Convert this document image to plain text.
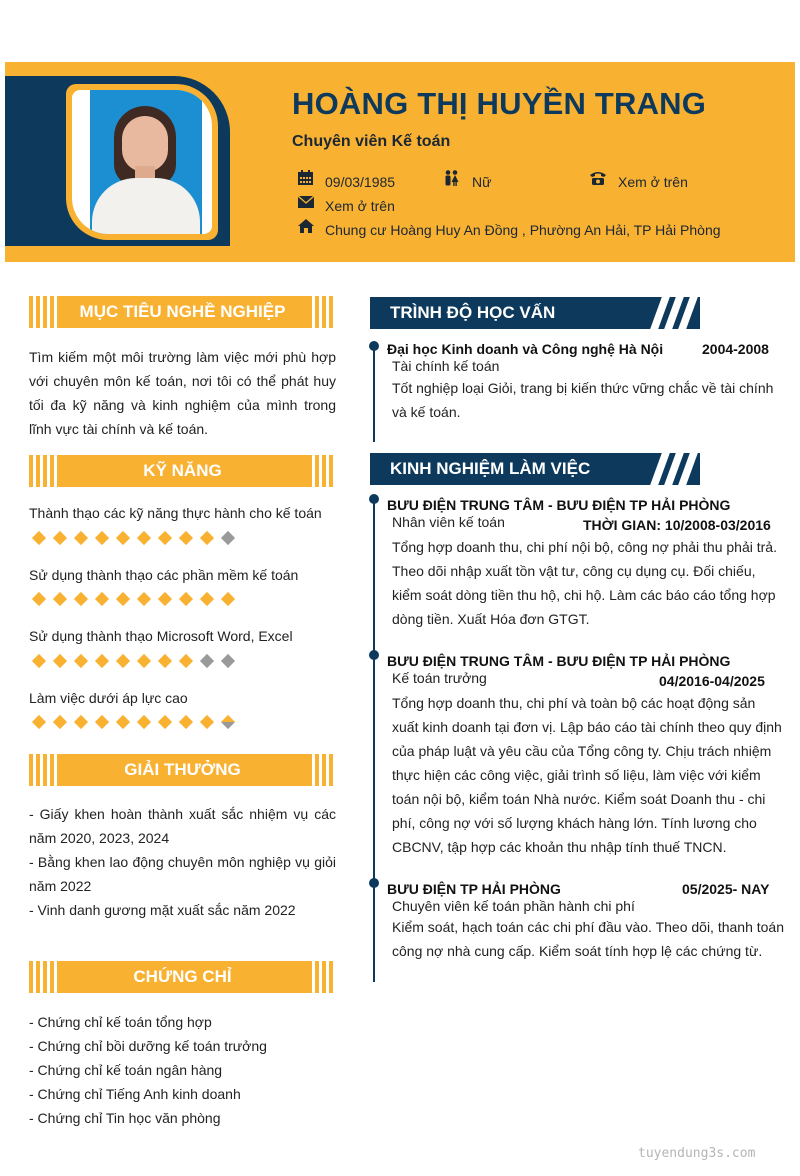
HOÀNG THỊ HUYỀN TRANG
Chuyên viên Kế toán
09/03/1985	Nữ	Xem ở trên
Xem ở trên
Chung cư Hoàng Huy An Đồng , Phường An Hải, TP Hải Phòng
MỤC TIÊU NGHỀ NGHIỆP
Tìm kiếm một môi trường làm việc mới phù hợp với chuyên môn kế toán, nơi tôi có thể phát huy tối đa kỹ năng và kinh nghiệm của mình trong lĩnh vực tài chính và kế toán.
KỸ NĂNG
Thành thạo các kỹ năng thực hành cho kế toán
Sử dụng thành thạo các phần mềm kế toán
Sử dụng thành thạo Microsoft Word, Excel
Làm việc dưới áp lực cao
GIẢI THƯỞNG
- Giấy khen hoàn thành xuất sắc nhiệm vụ các năm 2020, 2023, 2024
- Bằng khen lao động chuyên môn nghiệp vụ giỏi năm 2022
- Vinh danh gương mặt xuất sắc năm 2022
CHỨNG CHỈ
- Chứng chỉ kế toán tổng hợp
- Chứng chỉ bồi dưỡng kế toán trưởng
- Chứng chỉ kế toán ngân hàng
- Chứng chỉ Tiếng Anh kinh doanh
- Chứng chỉ Tin học văn phòng
TRÌNH ĐỘ HỌC VẤN
Đại học Kinh doanh và Công nghệ Hà Nội	2004-2008
Tài chính kế toán
Tốt nghiệp loại Giỏi, trang bị kiến thức vững chắc về tài chính và kế toán.
KINH NGHIỆM LÀM VIỆC
BƯU ĐIỆN TRUNG TÂM - BƯU ĐIỆN TP HẢI PHÒNG
Nhân viên kế toán	THỜI GIAN: 10/2008-03/2016
Tổng hợp doanh thu, chi phí nội bộ, công nợ phải thu phải trả. Theo dõi nhập xuất tồn vật tư, công cụ dụng cụ. Đối chiếu, kiểm soát dòng tiền thu hộ, chi hộ. Làm các báo cáo tổng hợp dòng tiền. Xuất Hóa đơn GTGT.
BƯU ĐIỆN TRUNG TÂM - BƯU ĐIỆN TP HẢI PHÒNG
Kế toán trưởng	04/2016-04/2025
Tổng hợp doanh thu, chi phí và toàn bộ các hoạt động sản xuất kinh doanh tại đơn vị. Lập báo cáo tài chính theo quy định của pháp luật và yêu cầu của Tổng công ty. Chịu trách nhiệm thực hiện các công việc, giải trình số liệu, làm việc với kiểm toán nội bộ, kiểm toán Nhà nước. Kiểm soát Doanh thu - chi phí, công nợ với số lượng khách hàng lớn. Tính lương cho CBCNV, tập hợp các khoản thu nhập tính thuế TNCN.
BƯU ĐIỆN TP HẢI PHÒNG	05/2025- NAY
Chuyên viên kế toán phần hành chi phí
Kiểm soát, hạch toán các chi phí đầu vào. Theo dõi, thanh toán công nợ nhà cung cấp. Kiểm soát tính hợp lệ các chứng từ.
tuyendung3s.com
